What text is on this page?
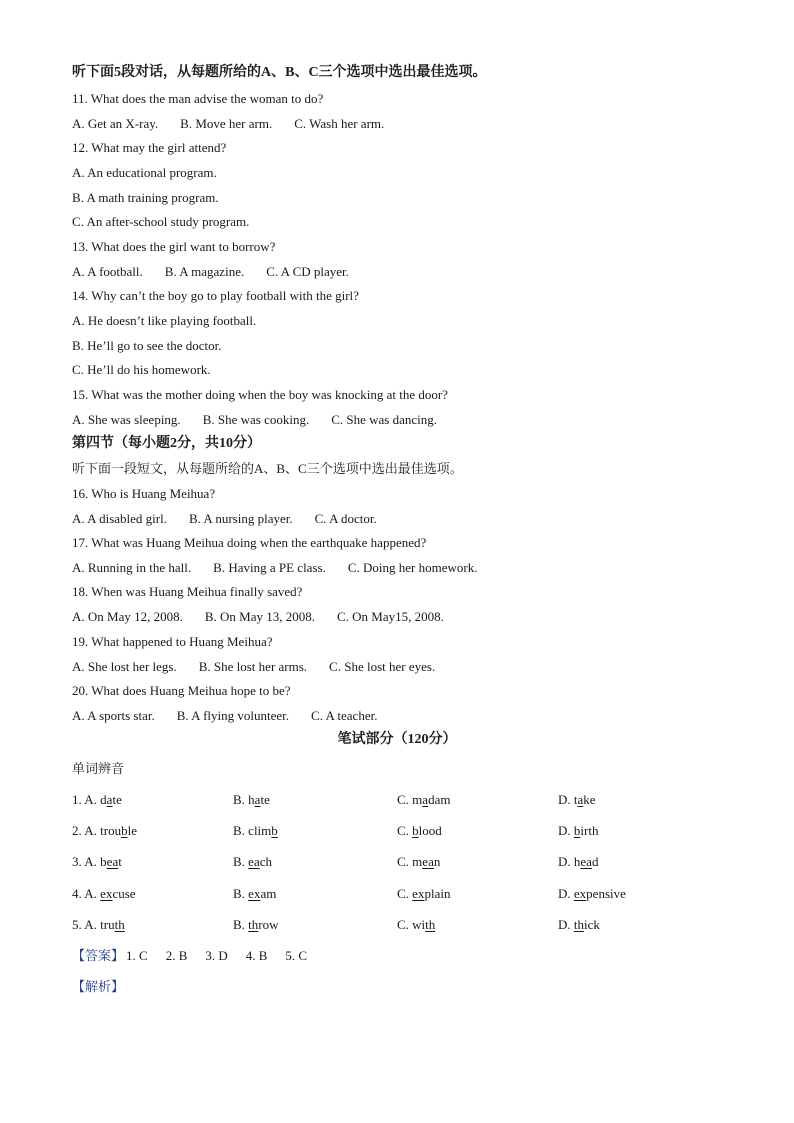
听下面5段对话，从每题所给的A、B、C三个选项中选出最佳选项。
11. What does the man advise the woman to do?
A. Get an X-ray. B. Move her arm. C. Wash her arm.
12. What may the girl attend?
A. An educational program.
B. A math training program.
C. An after-school study program.
13. What does the girl want to borrow?
A. A football. B. A magazine. C. A CD player.
14. Why can’t the boy go to play football with the girl?
A. He doesn’t like playing football.
B. He’ll go to see the doctor.
C. He’ll do his homework.
15. What was the mother doing when the boy was knocking at the door?
A. She was sleeping. B. She was cooking. C. She was dancing.
第四节（每小题2分，共10分）
听下面一段短文，从每题所给的A、B、C三个选项中选出最佳选项。
16. Who is Huang Meihua?
A. A disabled girl. B. A nursing player. C. A doctor.
17. What was Huang Meihua doing when the earthquake happened?
A. Running in the hall. B. Having a PE class. C. Doing her homework.
18. When was Huang Meihua finally saved?
A. On May 12, 2008. B. On May 13, 2008. C. On May15, 2008.
19. What happened to Huang Meihua?
A. She lost her legs. B. She lost her arms. C. She lost her eyes.
20. What does Huang Meihua hope to be?
A. A sports star. B. A flying volunteer. C. A teacher.
笔试部分（120分）
单词辨音
1. A. date	B. hate	C. madam	D. take
2. A. trouble	B. climb	C. blood	D. birth
3. A. beat	B. each	C. mean	D. head
4. A. excuse	B. exam	C. explain	D. expensive
5. A. truth	B. throw	C. with	D. thick
【答案】 1. C 2. B 3. D 4. B 5. C
【解析】
